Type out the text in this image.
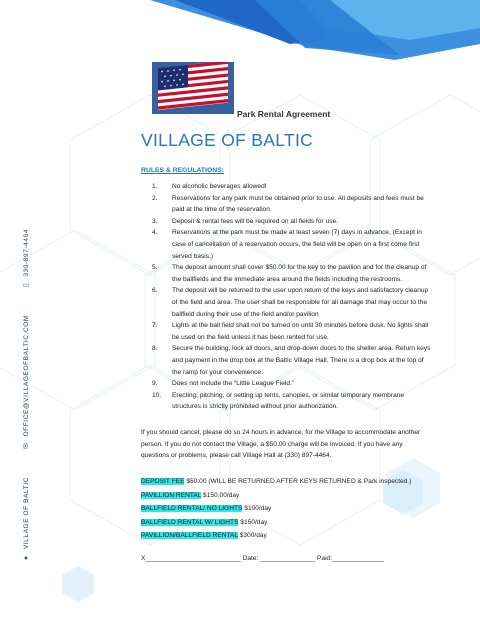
●
VILLAGE OF BALTIC
✉
OFFICE@VILLAGEOFBALTIC.COM
▯
330-897-4464
Park Rental Agreement
VILLAGE OF BALTIC
RULES & REGULATIONS:
1.	No alcoholic beverages allowed!
2.	Reservations for any park must be obtained prior to use. All deposits and fees must be
paid at the time of the reservation.
3.	Deposit & rental fees will be required on all fields for use.
4.	Reservations at the park must be made at least seven (7) days in advance, (Except in
case of cancellation of a reservation occurs, the field will be open on a first come first
served basis.)
5.	The deposit amount shall cover $50.00 for the key to the pavilion and for the cleanup of
the ballfields and the immediate area around the fields including the restrooms.
6.	The deposit will be returned to the user upon return of the keys and satisfactory cleanup
of the field and area. The user shall be responsible for all damage that may occur to the
ballfield during their use of the field and/or pavilion
7.	Lights at the ball field shall not be turned on until 30 minutes before dusk. No lights shall
be used on the field unless it has been rented for use.
8.	Secure the building, lock all doors, and drop-down doors to the shelter area. Return keys
and payment in the drop box at the Baltic Village Hall. There is a drop box at the top of
the ramp for your convenience.
9.	Does not include the “Little League Field.”
10.	Erecting, pitching, or setting up tents, canopies, or similar temporary membrane
structures is strictly prohibited without prior authorization.
If you should cancel, please do so 24 hours in advance, for the Village to accommodate another
person. If you do not contact the Village, a $50.00 charge will be invoiced. If you have any
questions or problems, please call Village Hall at (330) 897-4464.
DEPOSIT FEE $50.00 (WILL BE RETURNED AFTER KEYS RETURNED & Park inspected.)
PAVILLION RENTAL $150.00/day
BALLFIELD RENTAL/ NO LIGHTS $100/day
BALLFIELD RENTAL W/ LIGHTS $150/day
PAVILLION/BALLFIELD RENTAL $300/day
X__________________________ Date: _______________ Paid:______________
